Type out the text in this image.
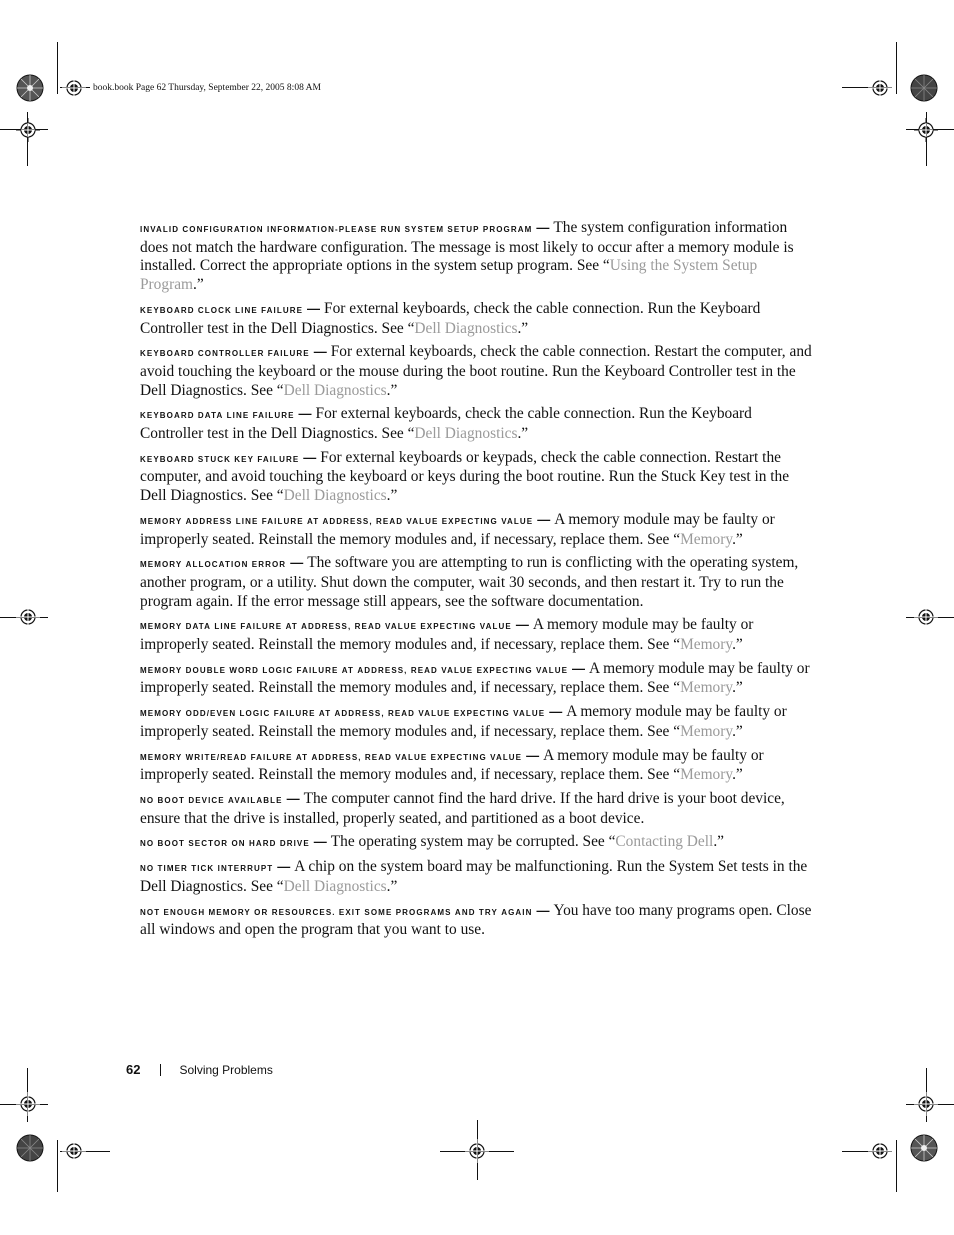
book.book Page 62 Thursday, September 22, 2005 8:08 AM

invalid configuration information-please run system setup program — The system configuration information does not match the hardware configuration. The message is most likely to occur after a memory module is installed. Correct the appropriate options in the system setup program. See “Using the System Setup Program.”

keyboard clock line failure — For external keyboards, check the cable connection. Run the Keyboard Controller test in the Dell Diagnostics. See “Dell Diagnostics.”

keyboard controller failure — For external keyboards, check the cable connection. Restart the computer, and avoid touching the keyboard or the mouse during the boot routine. Run the Keyboard Controller test in the Dell Diagnostics. See “Dell Diagnostics.”

keyboard data line failure — For external keyboards, check the cable connection. Run the Keyboard Controller test in the Dell Diagnostics. See “Dell Diagnostics.”

keyboard stuck key failure — For external keyboards or keypads, check the cable connection. Restart the computer, and avoid touching the keyboard or keys during the boot routine. Run the Stuck Key test in the Dell Diagnostics. See “Dell Diagnostics.”

memory address line failure at address, read value expecting value — A memory module may be faulty or improperly seated. Reinstall the memory modules and, if necessary, replace them. See “Memory.”

memory allocation error — The software you are attempting to run is conflicting with the operating system, another program, or a utility. Shut down the computer, wait 30 seconds, and then restart it. Try to run the program again. If the error message still appears, see the software documentation.

memory data line failure at address, read value expecting value — A memory module may be faulty or improperly seated. Reinstall the memory modules and, if necessary, replace them. See “Memory.”

memory double word logic failure at address, read value expecting value — A memory module may be faulty or improperly seated. Reinstall the memory modules and, if necessary, replace them. See “Memory.”

memory odd/even logic failure at address, read value expecting value — A memory module may be faulty or improperly seated. Reinstall the memory modules and, if necessary, replace them. See “Memory.”

memory write/read failure at address, read value expecting value — A memory module may be faulty or improperly seated. Reinstall the memory modules and, if necessary, replace them. See “Memory.”

no boot device available — The computer cannot find the hard drive. If the hard drive is your boot device, ensure that the drive is installed, properly seated, and partitioned as a boot device.

no boot sector on hard drive — The operating system may be corrupted. See “Contacting Dell.”

no timer tick interrupt — A chip on the system board may be malfunctioning. Run the System Set tests in the Dell Diagnostics. See “Dell Diagnostics.”

not enough memory or resources. exit some programs and try again — You have too many programs open. Close all windows and open the program that you want to use.

62	Solving Problems
